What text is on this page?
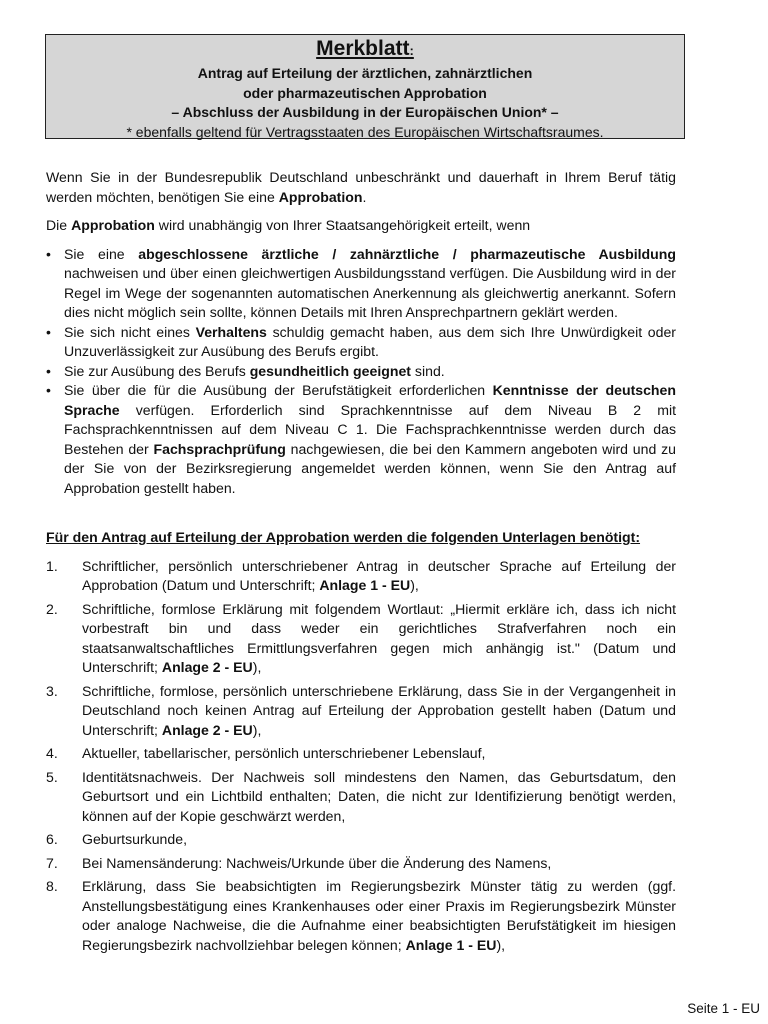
Merkblatt:
Antrag auf Erteilung der ärztlichen, zahnärztlichen
oder pharmazeutischen Approbation
– Abschluss der Ausbildung in der Europäischen Union* –
* ebenfalls geltend für Vertragsstaaten des Europäischen Wirtschaftsraumes.

Wenn Sie in der Bundesrepublik Deutschland unbeschränkt und dauerhaft in Ihrem Beruf tätig werden möchten, benötigen Sie eine Approbation.

Die Approbation wird unabhängig von Ihrer Staatsangehörigkeit erteilt, wenn

• Sie eine abgeschlossene ärztliche / zahnärztliche / pharmazeutische Ausbildung nachweisen und über einen gleichwertigen Ausbildungsstand verfügen. Die Ausbildung wird in der Regel im Wege der sogenannten automatischen Anerkennung als gleichwertig anerkannt. Sofern dies nicht möglich sein sollte, können Details mit Ihren Ansprechpartnern geklärt werden.
• Sie sich nicht eines Verhaltens schuldig gemacht haben, aus dem sich Ihre Unwürdigkeit oder Unzuverlässigkeit zur Ausübung des Berufs ergibt.
• Sie zur Ausübung des Berufs gesundheitlich geeignet sind.
• Sie über die für die Ausübung der Berufstätigkeit erforderlichen Kenntnisse der deutschen Sprache verfügen. Erforderlich sind Sprachkenntnisse auf dem Niveau B 2 mit Fachsprachkenntnissen auf dem Niveau C 1. Die Fachsprachkenntnisse werden durch das Bestehen der Fachsprachprüfung nachgewiesen, die bei den Kammern angeboten wird und zu der Sie von der Bezirksregierung angemeldet werden können, wenn Sie den Antrag auf Approbation gestellt haben.

Für den Antrag auf Erteilung der Approbation werden die folgenden Unterlagen benötigt:

1. Schriftlicher, persönlich unterschriebener Antrag in deutscher Sprache auf Erteilung der Approbation (Datum und Unterschrift; Anlage 1 - EU),
2. Schriftliche, formlose Erklärung mit folgendem Wortlaut: „Hiermit erkläre ich, dass ich nicht vorbestraft bin und dass weder ein gerichtliches Strafverfahren noch ein staatsanwaltschaftliches Ermittlungsverfahren gegen mich anhängig ist." (Datum und Unterschrift; Anlage 2 - EU),
3. Schriftliche, formlose, persönlich unterschriebene Erklärung, dass Sie in der Vergangenheit in Deutschland noch keinen Antrag auf Erteilung der Approbation gestellt haben (Datum und Unterschrift; Anlage 2 - EU),
4. Aktueller, tabellarischer, persönlich unterschriebener Lebenslauf,
5. Identitätsnachweis. Der Nachweis soll mindestens den Namen, das Geburtsdatum, den Geburtsort und ein Lichtbild enthalten; Daten, die nicht zur Identifizierung benötigt werden, können auf der Kopie geschwärzt werden,
6. Geburtsurkunde,
7. Bei Namensänderung: Nachweis/Urkunde über die Änderung des Namens,
8. Erklärung, dass Sie beabsichtigten im Regierungsbezirk Münster tätig zu werden (ggf. Anstellungsbestätigung eines Krankenhauses oder einer Praxis im Regierungsbezirk Münster oder analoge Nachweise, die die Aufnahme einer beabsichtigten Berufstätigkeit im hiesigen Regierungsbezirk nachvollziehbar belegen können; Anlage 1 - EU),
Seite 1 - EU
